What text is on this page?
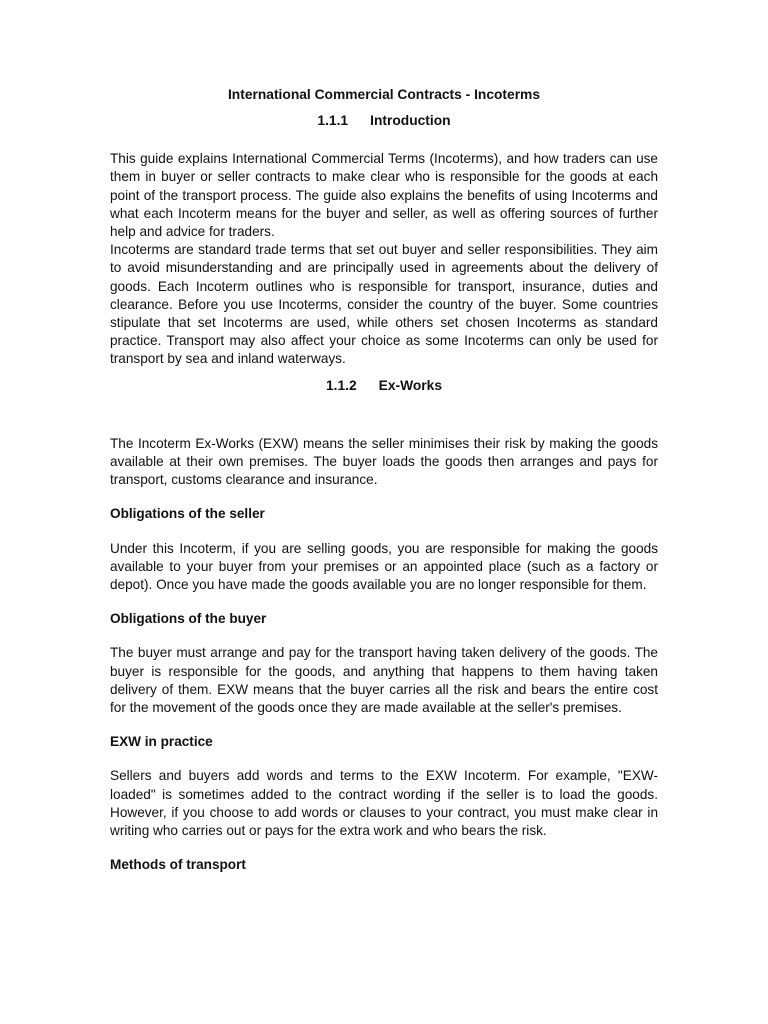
International Commercial Contracts - Incoterms
1.1.1 Introduction

This guide explains International Commercial Terms (Incoterms), and how traders can use them in buyer or seller contracts to make clear who is responsible for the goods at each point of the transport process. The guide also explains the benefits of using Incoterms and what each Incoterm means for the buyer and seller, as well as offering sources of further help and advice for traders.

Incoterms are standard trade terms that set out buyer and seller responsibilities. They aim to avoid misunderstanding and are principally used in agreements about the delivery of goods. Each Incoterm outlines who is responsible for transport, insurance, duties and clearance. Before you use Incoterms, consider the country of the buyer. Some countries stipulate that set Incoterms are used, while others set chosen Incoterms as standard practice. Transport may also affect your choice as some Incoterms can only be used for transport by sea and inland waterways.

1.1.2 Ex-Works

The Incoterm Ex-Works (EXW) means the seller minimises their risk by making the goods available at their own premises. The buyer loads the goods then arranges and pays for transport, customs clearance and insurance.

Obligations of the seller

Under this Incoterm, if you are selling goods, you are responsible for making the goods available to your buyer from your premises or an appointed place (such as a factory or depot). Once you have made the goods available you are no longer responsible for them.

Obligations of the buyer

The buyer must arrange and pay for the transport having taken delivery of the goods. The buyer is responsible for the goods, and anything that happens to them having taken delivery of them. EXW means that the buyer carries all the risk and bears the entire cost for the movement of the goods once they are made available at the seller's premises.

EXW in practice

Sellers and buyers add words and terms to the EXW Incoterm. For example, "EXW-loaded" is sometimes added to the contract wording if the seller is to load the goods. However, if you choose to add words or clauses to your contract, you must make clear in writing who carries out or pays for the extra work and who bears the risk.

Methods of transport
